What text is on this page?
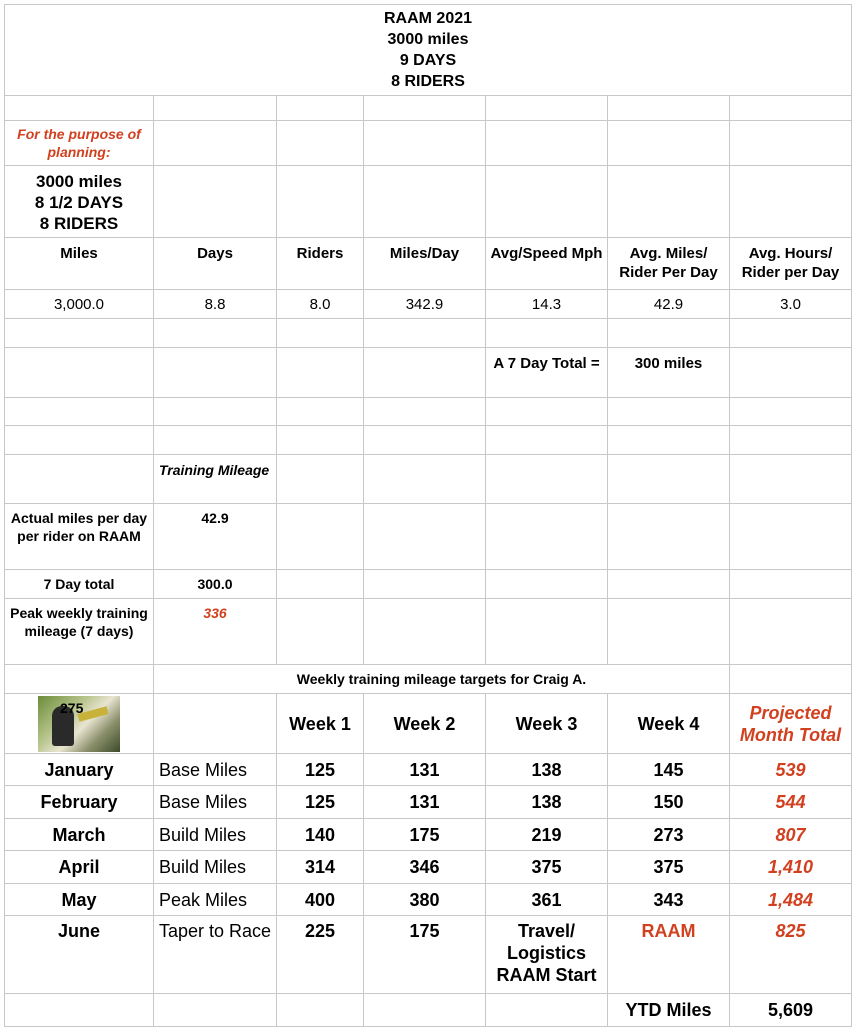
RAAM 2021
3000 miles
9 DAYS
8 RIDERS						

For the purpose of planning:						

3000 miles
8 1/2 DAYS
8 RIDERS						

Miles	Days	Riders	Miles/Day	Avg/Speed Mph	Avg. Miles/ Rider Per Day	Avg. Hours/ Rider per Day
3,000.0	8.8	8.0	342.9	14.3	42.9	3.0

				A 7 Day Total =	300 miles	

	Training Mileage					
Actual miles per day per rider on RAAM	42.9					
7 Day total	300.0					
Peak weekly training mileage (7 days)	336					
	Weekly training mileage targets for Craig A.					

275		Week 1	Week 2	Week 3	Week 4	Projected Month Total
January	Base Miles	125	131	138	145	539
February	Base Miles	125	131	138	150	544
March	Build Miles	140	175	219	273	807
April	Build Miles	314	346	375	375	1,410
May	Peak Miles	400	380	361	343	1,484
June	Taper to Race	225	175	Travel/ Logistics RAAM Start	RAAM	825
					YTD Miles	5,609
